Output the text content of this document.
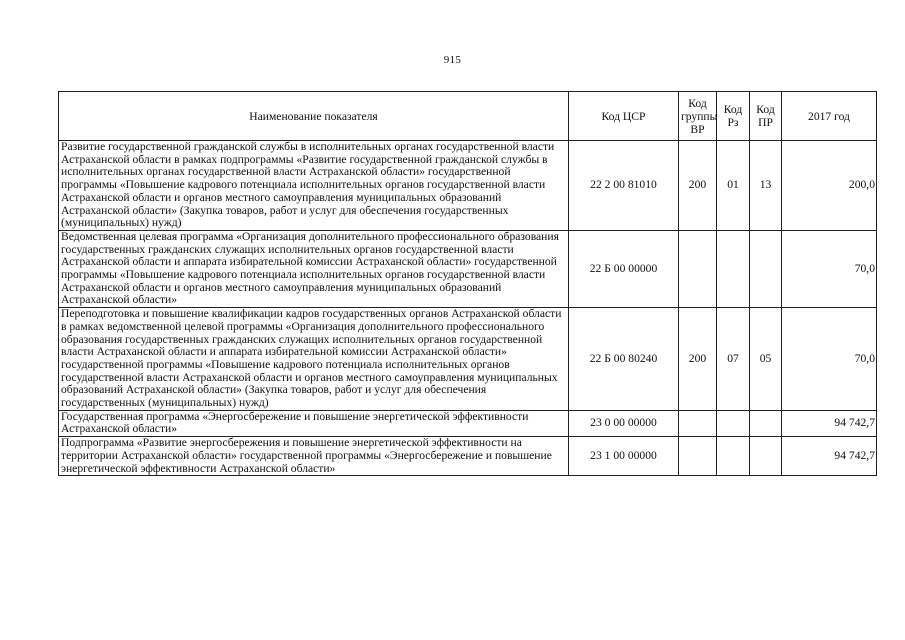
915
Наименование показателя	Код ЦСР	Код группы ВР	Код Рз	Код ПР	2017 год
Развитие государственной гражданской службы в исполнительных органах государственной власти Астраханской области в рамках подпрограммы «Развитие государственной гражданской службы в исполнительных органах государственной власти Астраханской области» государственной программы «Повышение кадрового потенциала исполнительных органов государственной власти Астраханской области и органов местного самоуправления муниципальных образований Астраханской области» (Закупка товаров, работ и услуг для обеспечения государственных (муниципальных) нужд)	22 2 00 81010	200	01	13	200,0
Ведомственная целевая программа «Организация дополнительного профессионального образования государственных гражданских служащих исполнительных органов государственной власти Астраханской области и аппарата избирательной комиссии Астраханской области» государственной программы «Повышение кадрового потенциала исполнительных органов государственной власти Астраханской области и органов местного самоуправления муниципальных образований Астраханской области»	22 Б 00 00000				70,0
Переподготовка и повышение квалификации кадров государственных органов Астраханской области в рамках ведомственной целевой программы «Организация дополнительного профессионального образования государственных гражданских служащих исполнительных органов государственной власти Астраханской области и аппарата избирательной комиссии Астраханской области» государственной программы «Повышение кадрового потенциала исполнительных органов государственной власти Астраханской области и органов местного самоуправления муниципальных образований Астраханской области» (Закупка товаров, работ и услуг для обеспечения государственных (муниципальных) нужд)	22 Б 00 80240	200	07	05	70,0
Государственная программа «Энергосбережение и повышение энергетической эффективности Астраханской области»	23 0 00 00000				94 742,7
Подпрограмма «Развитие энергосбережения и повышение энергетической эффективности на территории Астраханской области» государственной программы «Энергосбережение и повышение энергетической эффективности Астраханской области»	23 1 00 00000				94 742,7
